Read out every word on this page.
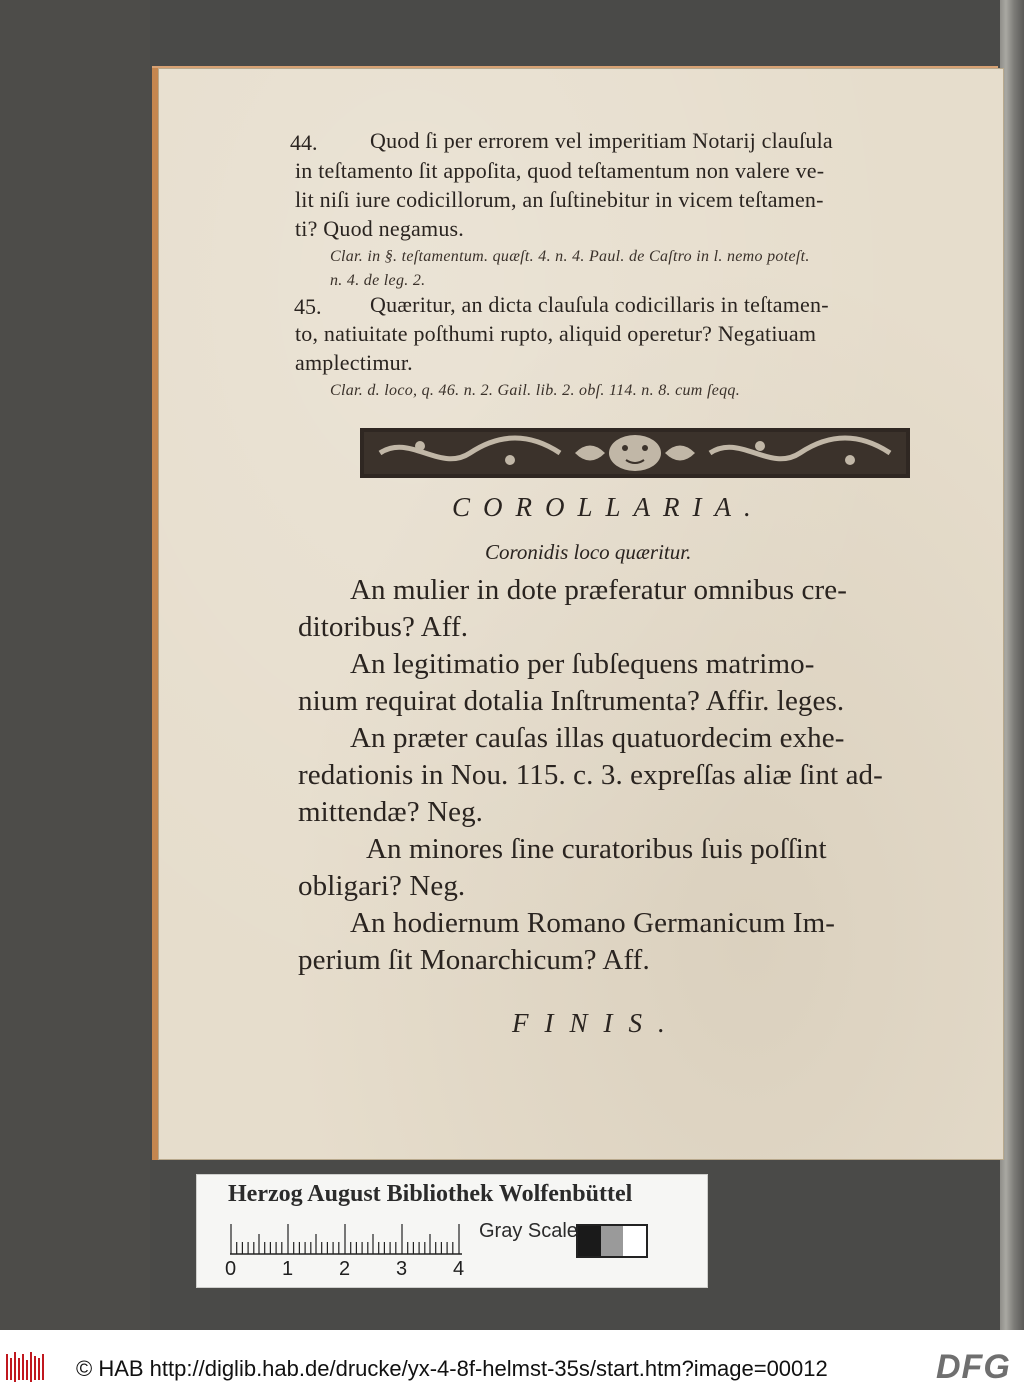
44. Quod ſi per errorem vel imperitiam Notarij clauſula
in teſtamento ſit appoſita, quod teſtamentum non valere ve-
lit niſi iure codicillorum, an ſuſtinebitur in vicem teſtamen-
ti? Quod negamus.
Clar. in §. teſtamentum. quæſt. 4. n. 4. Paul. de Caſtro in l. nemo poteſt.
n. 4. de leg. 2.
45. Quæritur, an dicta clauſula codicillaris in teſtamen-
to, natiuitate poſthumi rupto, aliquid operetur? Negatiuam
amplectimur.
Clar. d. loco, q. 46. n. 2. Gail. lib. 2. obſ. 114. n. 8. cum ſeqq.
COROLLARIA.
Coronidis loco quæritur.
An mulier in dote præferatur omnibus cre-
ditoribus? Aff.
An legitimatio per ſubſequens matrimo-
nium requirat dotalia Inſtrumenta? Affir. leges.
An præter cauſas illas quatuordecim exhe-
redationis in Nou. 115. c. 3. expreſſas aliæ ſint ad-
mittendæ? Neg.
An minores ſine curatoribus ſuis poſſint
obligari? Neg.
An hodiernum Romano Germanicum Im-
perium ſit Monarchicum? Aff.
FINIS.
Herzog August Bibliothek Wolfenbüttel
0 1 2 3 4
Gray Scale
© HAB http://diglib.hab.de/drucke/yx-4-8f-helmst-35s/start.htm?image=00012	DFG
